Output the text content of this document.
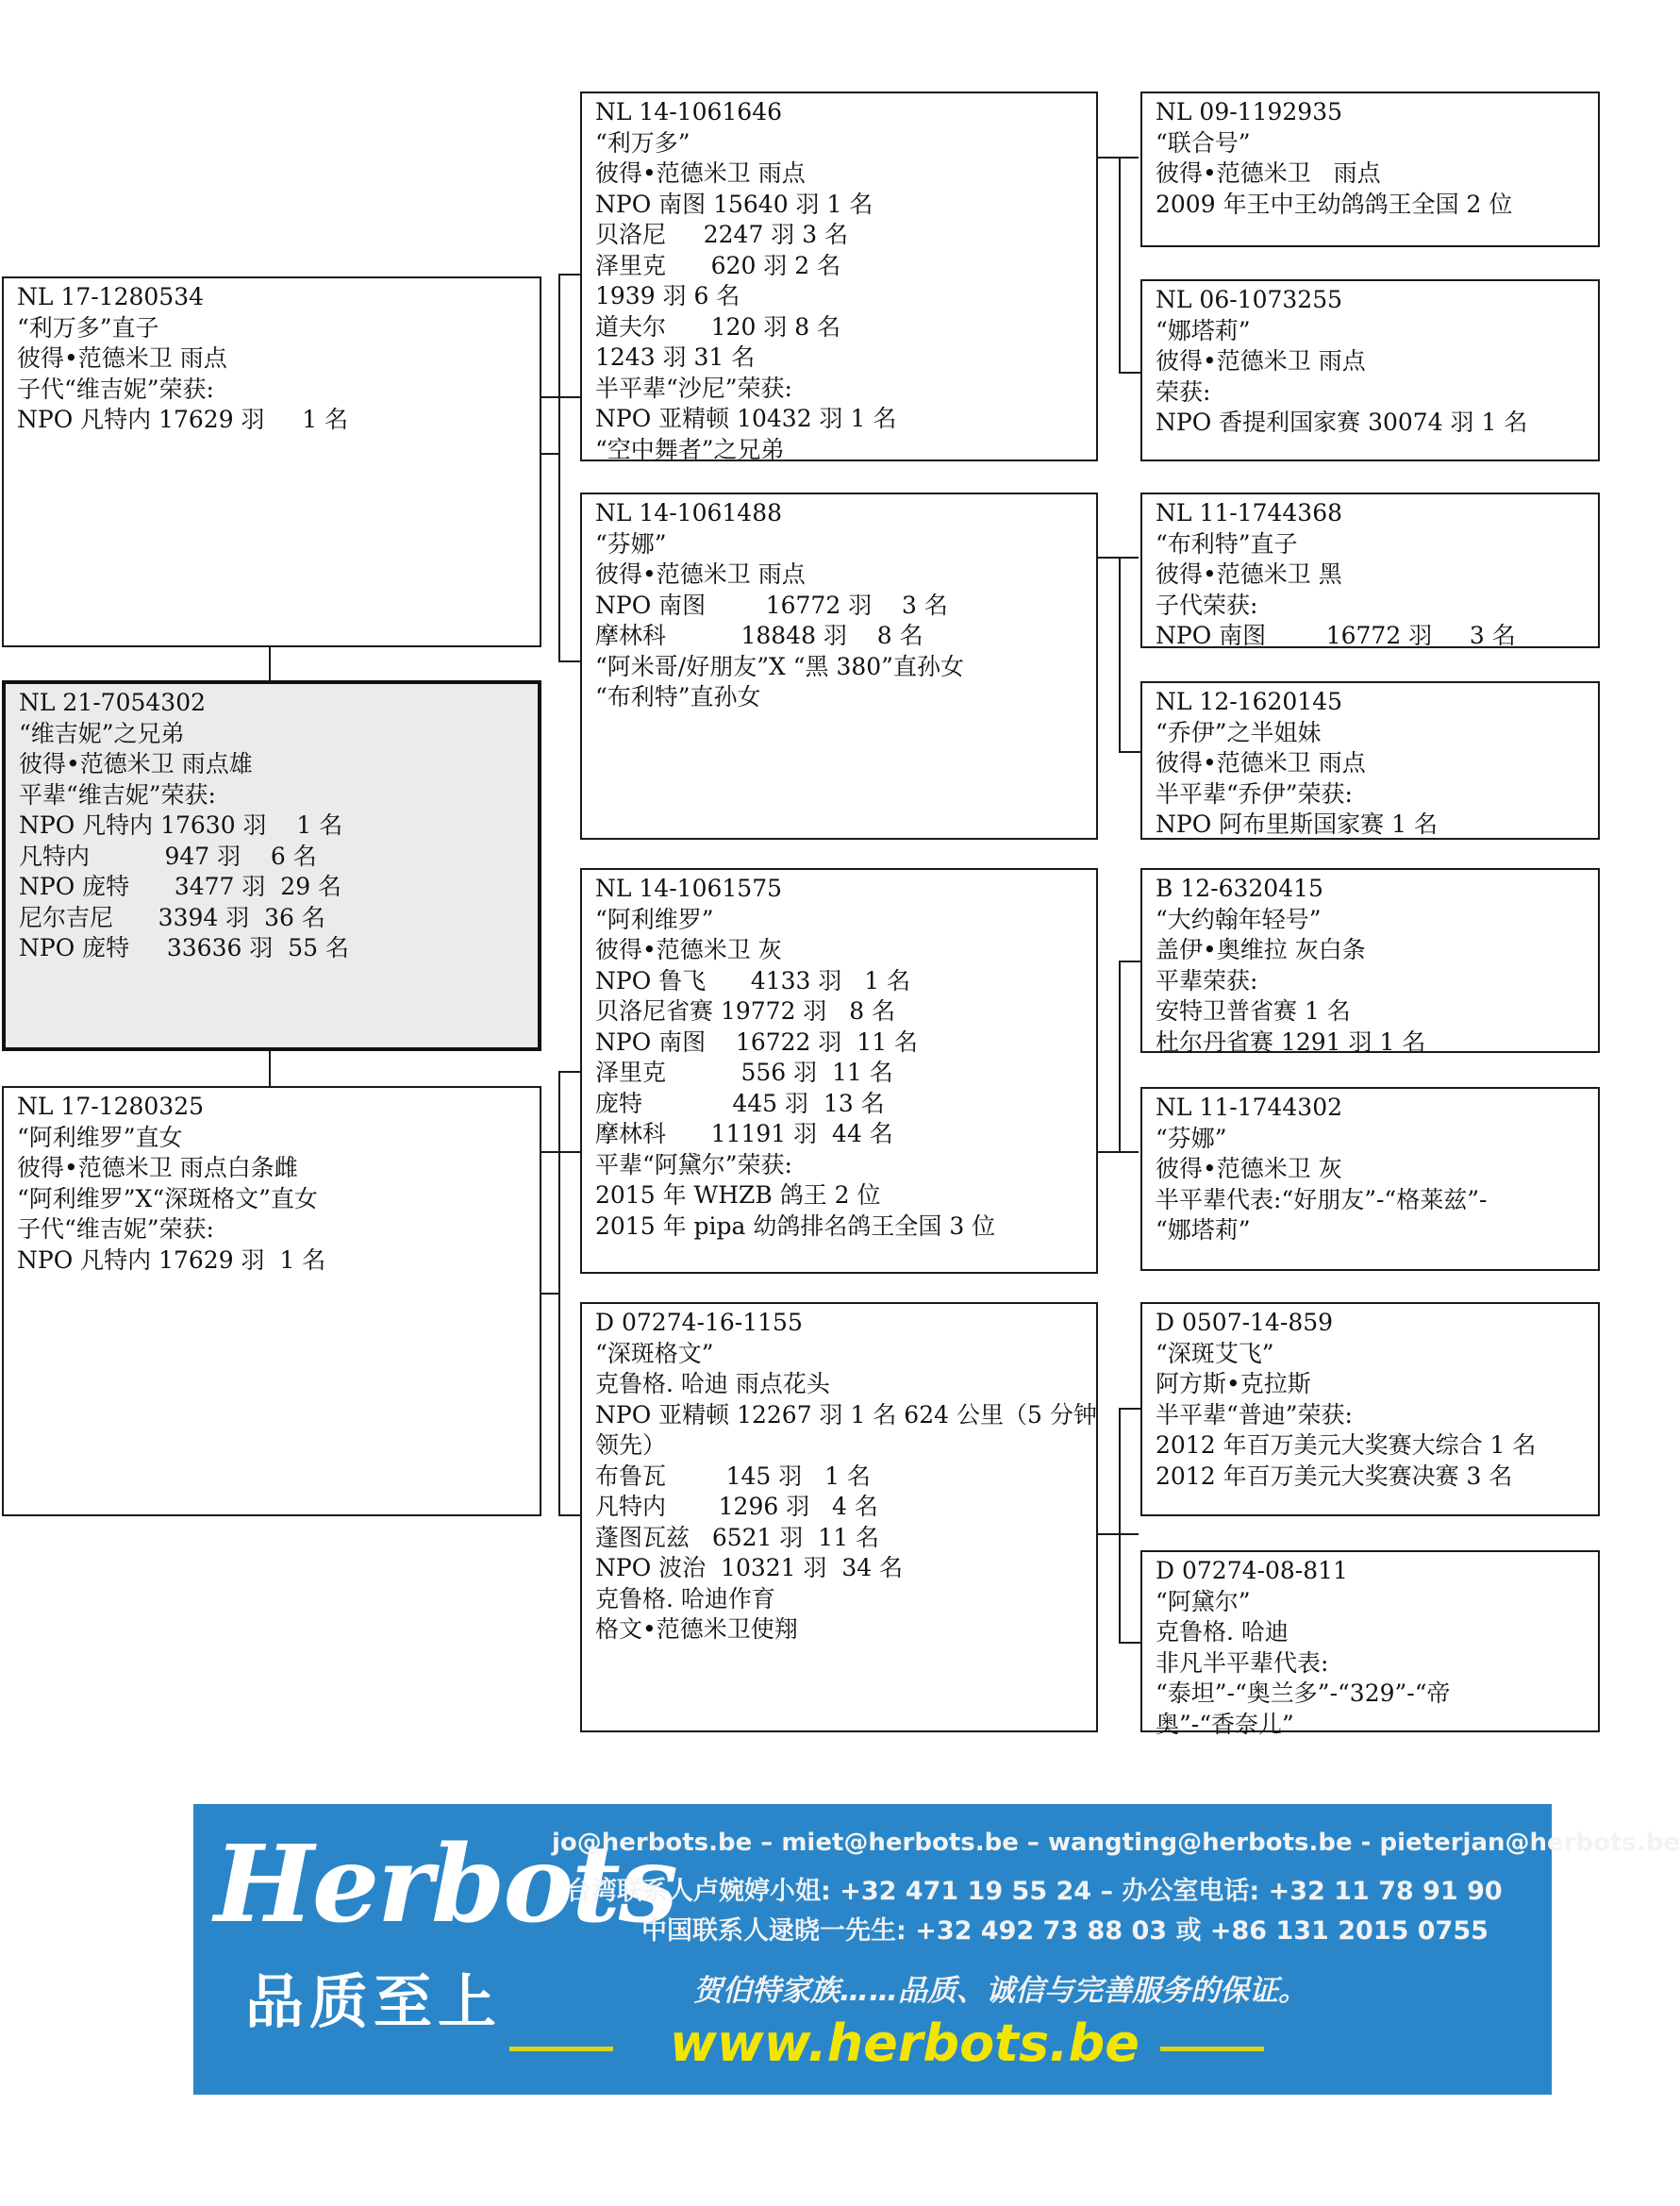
NL 17-1280534
“利万多”直子
彼得•范德米卫 雨点
子代“维吉妮”荣获:
NPO 凡特内 17629 羽     1 名
NL 21-7054302
“维吉妮”之兄弟
彼得•范德米卫 雨点雄
平辈“维吉妮”荣获:
NPO 凡特内 17630 羽    1 名
凡特内          947 羽    6 名
NPO 庞特      3477 羽  29 名
尼尔吉尼      3394 羽  36 名
NPO 庞特     33636 羽  55 名
NL 17-1280325
“阿利维罗”直女
彼得•范德米卫 雨点白条雌
“阿利维罗”X“深斑格文”直女
子代“维吉妮”荣获:
NPO 凡特内 17629 羽  1 名
NL 14-1061646
“利万多”
彼得•范德米卫 雨点
NPO 南图 15640 羽 1 名
贝洛尼     2247 羽 3 名
泽里克      620 羽 2 名
1939 羽 6 名
道夫尔      120 羽 8 名
1243 羽 31 名
半平辈“沙尼”荣获:
NPO 亚精顿 10432 羽 1 名
“空中舞者”之兄弟
NL 14-1061488
“芬娜”
彼得•范德米卫 雨点
NPO 南图        16772 羽    3 名
摩林科          18848 羽    8 名
“阿米哥/好朋友”X “黑 380”直孙女
“布利特”直孙女
NL 14-1061575
“阿利维罗”
彼得•范德米卫 灰
NPO 鲁飞      4133 羽   1 名
贝洛尼省赛 19772 羽   8 名
NPO 南图    16722 羽  11 名
泽里克          556 羽  11 名
庞特            445 羽  13 名
摩林科      11191 羽  44 名
平辈“阿黛尔”荣获:
2015 年 WHZB 鸽王 2 位
2015 年 pipa 幼鸽排名鸽王全国 3 位
D 07274-16-1155
“深斑格文”
克鲁格. 哈迪 雨点花头
NPO 亚精顿 12267 羽 1 名 624 公里（5 分钟
领先）
布鲁瓦        145 羽   1 名
凡特内       1296 羽   4 名
蓬图瓦兹   6521 羽  11 名
NPO 波治  10321 羽  34 名
克鲁格. 哈迪作育
格文•范德米卫使翔
NL 09-1192935
“联合号”
彼得•范德米卫   雨点
2009 年王中王幼鸽鸽王全国 2 位
NL 06-1073255
“娜塔莉”
彼得•范德米卫 雨点
荣获:
NPO 香提利国家赛 30074 羽 1 名
NL 11-1744368
“布利特”直子
彼得•范德米卫 黑
子代荣获:
NPO 南图        16772 羽     3 名
NL 12-1620145
“乔伊”之半姐妹
彼得•范德米卫 雨点
半平辈“乔伊”荣获:
NPO 阿布里斯国家赛 1 名
B 12-6320415
“大约翰年轻号”
盖伊•奥维拉 灰白条
平辈荣获:
安特卫普省赛 1 名
杜尔丹省赛 1291 羽 1 名
NL 11-1744302
“芬娜”
彼得•范德米卫 灰
半平辈代表:“好朋友”-“格莱兹”-
“娜塔莉”
D 0507-14-859
“深斑艾飞”
阿方斯•克拉斯
半平辈“普迪”荣获:
2012 年百万美元大奖赛大综合 1 名
2012 年百万美元大奖赛决赛 3 名
D 07274-08-811
“阿黛尔”
克鲁格. 哈迪
非凡半平辈代表:
“泰坦”-“奥兰多”-“329”-“帝
奥”-“香奈儿”
Herbots
品质至上
jo@herbots.be – miet@herbots.be – wangting@herbots.be - pieterjan@herbots.be
台湾联系人卢婉婷小姐: +32 471 19 55 24 – 办公室电话: +32 11 78 91 90
中国联系人逯晓一先生: +32 492 73 88 03 或 +86 131 2015 0755
贺伯特家族……品质、诚信与完善服务的保证。
www.herbots.be
